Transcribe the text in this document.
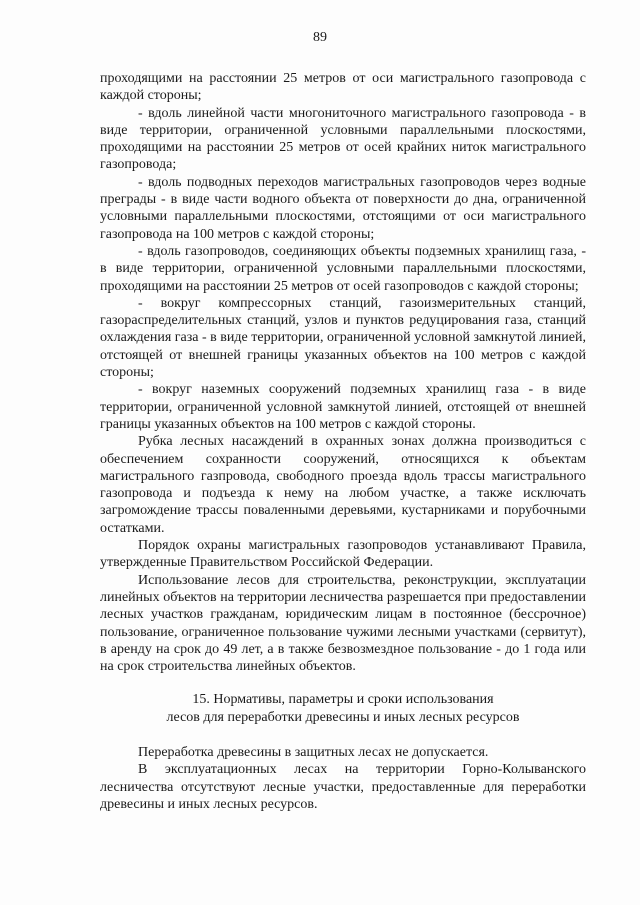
89

проходящими на расстоянии 25 метров от оси магистрального газопровода с каждой стороны;

- вдоль линейной части многониточного магистрального газопровода - в виде территории, ограниченной условными параллельными плоскостями, проходящими на расстоянии 25 метров от осей крайних ниток магистрального газопровода;

- вдоль подводных переходов магистральных газопроводов через водные преграды - в виде части водного объекта от поверхности до дна, ограниченной условными параллельными плоскостями, отстоящими от оси магистрального газопровода на 100 метров с каждой стороны;

- вдоль газопроводов, соединяющих объекты подземных хранилищ газа, - в виде территории, ограниченной условными параллельными плоскостями, проходящими на расстоянии 25 метров от осей газопроводов с каждой стороны;

- вокруг компрессорных станций, газоизмерительных станций, газораспределительных станций, узлов и пунктов редуцирования газа, станций охлаждения газа - в виде территории, ограниченной условной замкнутой линией, отстоящей от внешней границы указанных объектов на 100 метров с каждой стороны;

- вокруг наземных сооружений подземных хранилищ газа - в виде территории, ограниченной условной замкнутой линией, отстоящей от внешней границы указанных объектов на 100 метров с каждой стороны.

Рубка лесных насаждений в охранных зонах должна производиться с обеспечением сохранности сооружений, относящихся к объектам магистрального газпровода, свободного проезда вдоль трассы магистрального газопровода и подъезда к нему на любом участке, а также исключать загромождение трассы поваленными деревьями, кустарниками и порубочными остатками.

Порядок охраны магистральных газопроводов устанавливают Правила, утвержденные Правительством Российской Федерации.

Использование лесов для строительства, реконструкции, эксплуатации линейных объектов на территории лесничества разрешается при предоставлении лесных участков гражданам, юридическим лицам в постоянное (бессрочное) пользование, ограниченное пользование чужими лесными участками (сервитут), в аренду на срок до 49 лет, а в также безвозмездное пользование - до 1 года или на срок строительства линейных объектов.

15. Нормативы, параметры и сроки использования
лесов для переработки древесины и иных лесных ресурсов

Переработка древесины в защитных лесах не допускается.

В эксплуатационных лесах на территории Горно-Колыванского лесничества отсутствуют лесные участки, предоставленные для переработки древесины и иных лесных ресурсов.
